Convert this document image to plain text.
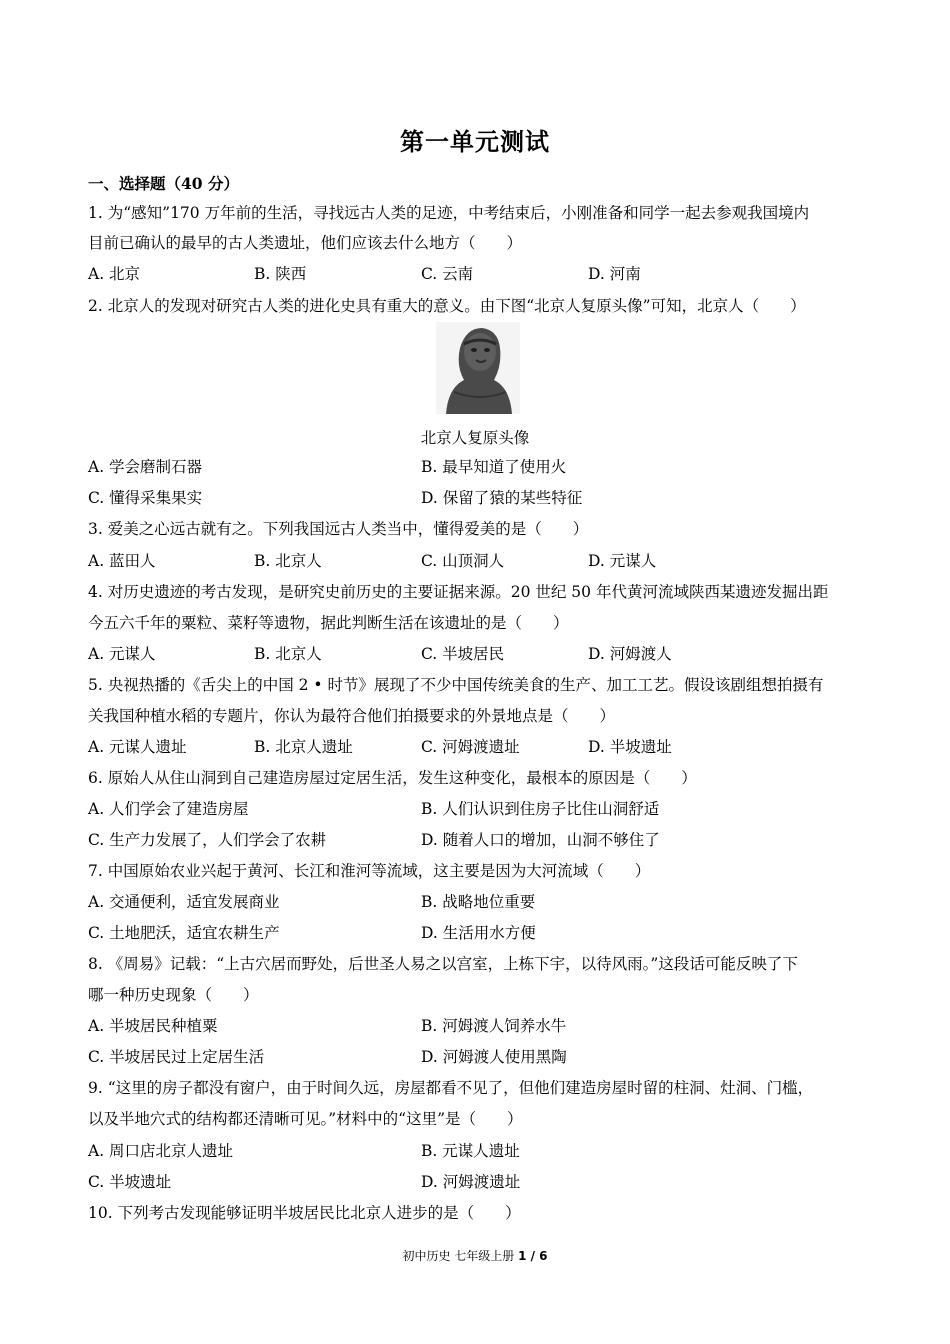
第一单元测试
一、选择题（40 分）
1. 为“感知”170 万年前的生活，寻找远古人类的足迹，中考结束后，小刚准备和同学一起去参观我国境内
目前已确认的最早的古人类遗址，他们应该去什么地方（　　）
A. 北京	B. 陕西	C. 云南	D. 河南
2. 北京人的发现对研究古人类的进化史具有重大的意义。由下图“北京人复原头像”可知，北京人（　　）
北京人复原头像
A. 学会磨制石器	B. 最早知道了使用火
C. 懂得采集果实	D. 保留了猿的某些特征
3. 爱美之心远古就有之。下列我国远古人类当中，懂得爱美的是（　　）
A. 蓝田人	B. 北京人	C. 山顶洞人	D. 元谋人
4. 对历史遗迹的考古发现，是研究史前历史的主要证据来源。20 世纪 50 年代黄河流域陕西某遗迹发掘出距
今五六千年的粟粒、菜籽等遗物，据此判断生活在该遗址的是（　　）
A. 元谋人	B. 北京人	C. 半坡居民	D. 河姆渡人
5. 央视热播的《舌尖上的中国 2 • 时节》展现了不少中国传统美食的生产、加工工艺。假设该剧组想拍摄有
关我国种植水稻的专题片，你认为最符合他们拍摄要求的外景地点是（　　）
A. 元谋人遗址	B. 北京人遗址	C. 河姆渡遗址	D. 半坡遗址
6. 原始人从住山洞到自己建造房屋过定居生活，发生这种变化，最根本的原因是（　　）
A. 人们学会了建造房屋	B. 人们认识到住房子比住山洞舒适
C. 生产力发展了，人们学会了农耕	D. 随着人口的增加，山洞不够住了
7. 中国原始农业兴起于黄河、长江和淮河等流域，这主要是因为大河流域（　　）
A. 交通便利，适宜发展商业	B. 战略地位重要
C. 土地肥沃，适宜农耕生产	D. 生活用水方便
8. 《周易》记载：“上古穴居而野处，后世圣人易之以宫室，上栋下宇，以待风雨。”这段话可能反映了下
哪一种历史现象（　　）
A. 半坡居民种植粟	B. 河姆渡人饲养水牛
C. 半坡居民过上定居生活	D. 河姆渡人使用黑陶
9. “这里的房子都没有窗户，由于时间久远，房屋都看不见了，但他们建造房屋时留的柱洞、灶洞、门槛，
以及半地穴式的结构都还清晰可见。”材料中的“这里”是（　　）
A. 周口店北京人遗址	B. 元谋人遗址
C. 半坡遗址	D. 河姆渡遗址
10. 下列考古发现能够证明半坡居民比北京人进步的是（　　）
初中历史 七年级上册 1 / 6
